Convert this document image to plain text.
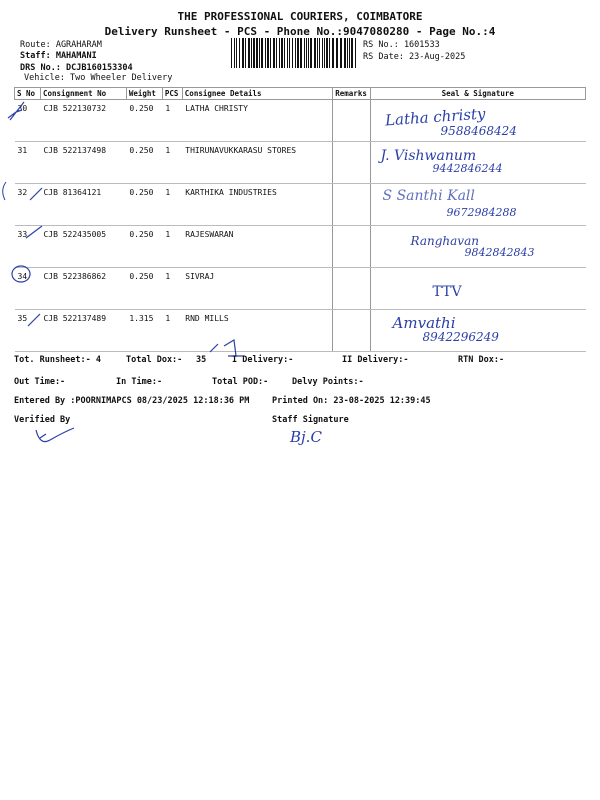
THE PROFESSIONAL COURIERS, COIMBATORE
Delivery Runsheet - PCS - Phone No.:9047080280 - Page No.:4
Route: AGRAHARAM
Staff: MAHAMANI
DRS No.: DCJB160153304
Vehicle: Two Wheeler Delivery
RS No.: 1601533
RS Date: 23-Aug-2025
S No	Consignment No	Weight	PCS	Consignee Details	Remarks	Seal & Signature
30	CJB 522130732	0.250	1	LATHA CHRISTY		Latha christy
9588468424

31	CJB 522137498	0.250	1	THIRUNAVUKKARASU STORES		J. Vishwanum
9442846244

32	CJB 81364121	0.250	1	KARTHIKA INDUSTRIES		S Santhi Kall
9672984288

33	CJB 522435005	0.250	1	RAJESWARAN		Ranghavan
9842842843

34	CJB 522386862	0.250	1	SIVRAJ		TTV

35	CJB 522137489	1.315	1	RND MILLS		Amvathi
8942296249
Tot. Runsheet:- 4	Total Dox:- 35	I Delivery:-	II Delivery:-	RTN Dox:-
Out Time:-	In Time:-	Total POD:-	Delvy Points:-
Entered By :POORNIMAPCS 08/23/2025 12:18:36 PM	Printed On: 23-08-2025 12:39:45
Verified By	Staff Signature
Bj.C
